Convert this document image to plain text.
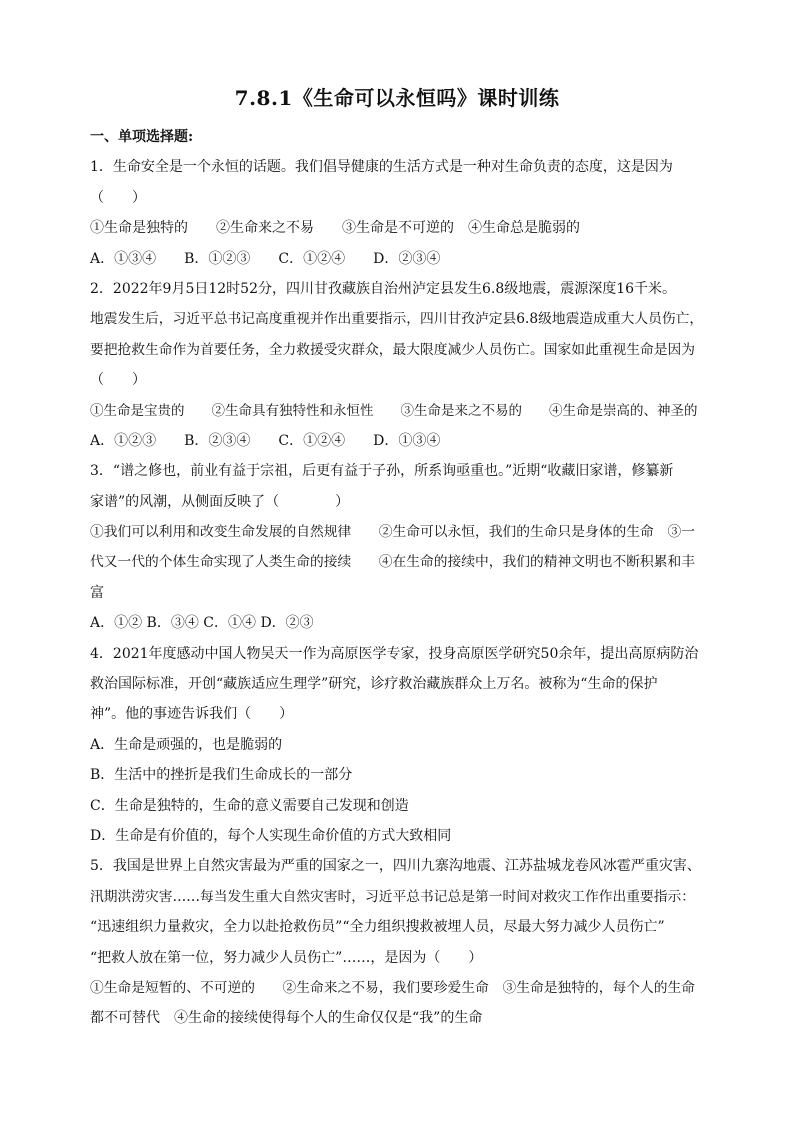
7.8.1《生命可以永恒吗》课时训练
一、单项选择题:
1．生命安全是一个永恒的话题。我们倡导健康的生活方式是一种对生命负责的态度，这是因为
（　　）
①生命是独特的　　②生命来之不易　　③生命是不可逆的　④生命总是脆弱的
A．①③④　　B．①②③　　C．①②④　　D．②③④
2．2022年9月5日12时52分，四川甘孜藏族自治州泸定县发生6.8级地震，震源深度16千米。
地震发生后，习近平总书记高度重视并作出重要指示，四川甘孜泸定县6.8级地震造成重大人员伤亡，
要把抢救生命作为首要任务，全力救援受灾群众，最大限度减少人员伤亡。国家如此重视生命是因为
（　　）
①生命是宝贵的　　②生命具有独特性和永恒性　　③生命是来之不易的　　④生命是崇高的、神圣的
A．①②③　　B．②③④　　C．①②④　　D．①③④
3．“谱之修也，前业有益于宗祖，后更有益于子孙，所系询亟重也。”近期“收藏旧家谱，修纂新
家谱”的风潮，从侧面反映了（　　　　）
①我们可以利用和改变生命发展的自然规律　　②生命可以永恒，我们的生命只是身体的生命　③一
代又一代的个体生命实现了人类生命的接续　　④在生命的接续中，我们的精神文明也不断积累和丰
富
A．①② B．③④ C．①④ D．②③
4．2021年度感动中国人物吴天一作为高原医学专家，投身高原医学研究50余年，提出高原病防治
救治国际标准，开创“藏族适应生理学”研究，诊疗救治藏族群众上万名。被称为“生命的保护
神”。他的事迹告诉我们（　　）
A．生命是顽强的，也是脆弱的
B．生活中的挫折是我们生命成长的一部分
C．生命是独特的，生命的意义需要自己发现和创造
D．生命是有价值的，每个人实现生命价值的方式大致相同
5．我国是世界上自然灾害最为严重的国家之一，四川九寨沟地震、江苏盐城龙卷风冰雹严重灾害、
汛期洪涝灾害……每当发生重大自然灾害时，习近平总书记总是第一时间对救灾工作作出重要指示：
“迅速组织力量救灾，全力以赴抢救伤员”“全力组织搜救被埋人员，尽最大努力减少人员伤亡”
“把救人放在第一位，努力减少人员伤亡”……，是因为（　　）
①生命是短暂的、不可逆的　　②生命来之不易，我们要珍爱生命　③生命是独特的，每个人的生命
都不可替代　④生命的接续使得每个人的生命仅仅是“我”的生命
